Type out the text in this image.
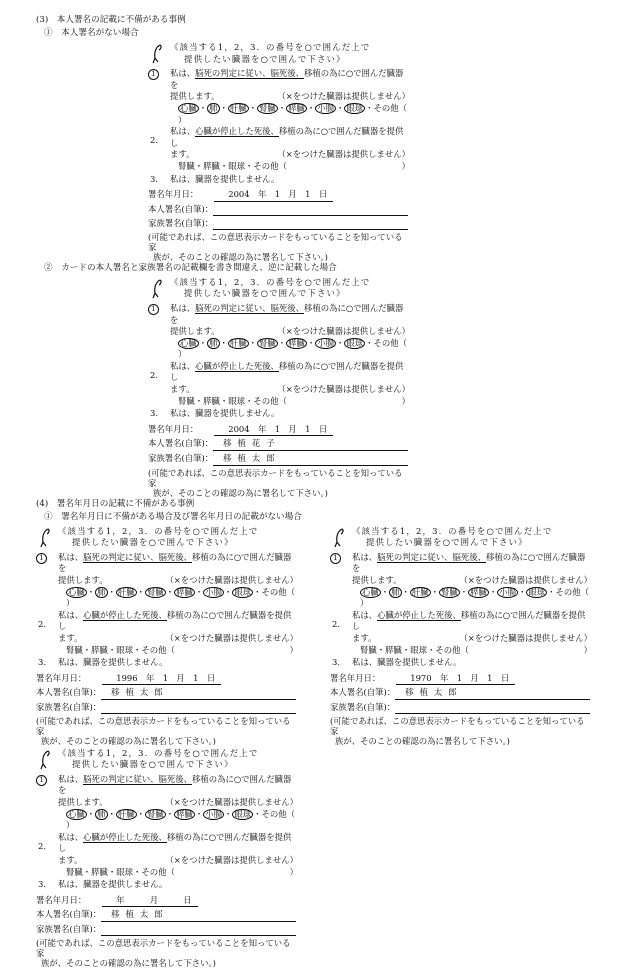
(3)　本人署名の記載に不備がある事例
①　本人署名がない場合
《該当する1，2，3．の番号を○で囲んだ上で
提供したい臓器を○で囲んで下さい》
1	私は、脳死の判定に従い、脳死後、移植の為に○で囲んだ臓器を
提供します。	（×をつけた臓器は提供しません）
心臓 ・ 肺 ・ 肝臓 ・ 腎臓 ・ 膵臓 ・ 小腸 ・ 眼球 ・その他（
）
2.
私は、心臓が停止した死後、移植の為に○で囲んだ臓器を提供し
ます。	（×をつけた臓器は提供しません）
腎臓・膵臓・眼球・その他（	）
3. 私は、臓器を提供しません。
署名年月日：	2004　年　1　月　1　日
本人署名(自筆)：
家族署名(自筆)：
(可能であれば、この意思表示カードをもっていることを知っている家
族が、そのことの確認の為に署名して下さい。)
②　カードの本人署名と家族署名の記載欄を書き間違え、逆に記載した場合
《該当する1，2，3．の番号を○で囲んだ上で
提供したい臓器を○で囲んで下さい》
1	私は、脳死の判定に従い、脳死後、移植の為に○で囲んだ臓器を
提供します。	（×をつけた臓器は提供しません）
心臓 ・ 肺 ・ 肝臓 ・ 腎臓 ・ 膵臓 ・ 小腸 ・ 眼球 ・その他（
）
2.
私は、心臓が停止した死後、移植の為に○で囲んだ臓器を提供し
ます。	（×をつけた臓器は提供しません）
腎臓・膵臓・眼球・その他（	）
3. 私は、臓器を提供しません。
署名年月日：	2004　年　1　月　1　日
本人署名(自筆)：	移植花子
家族署名(自筆)：	移植太郎
(可能であれば、この意思表示カードをもっていることを知っている家
族が、そのことの確認の為に署名して下さい。)
(4)　署名年月日の記載に不備がある事例
①　署名年月日に不備がある場合及び署名年月日の記載がない場合
《該当する1，2，3．の番号を○で囲んだ上で
提供したい臓器を○で囲んで下さい》
1	私は、脳死の判定に従い、脳死後、移植の為に○で囲んだ臓器を
提供します。	（×をつけた臓器は提供しません）
心臓 ・ 肺 ・ 肝臓 ・ 腎臓 ・ 膵臓 ・ 小腸 ・ 眼球 ・その他（
）
2.
私は、心臓が停止した死後、移植の為に○で囲んだ臓器を提供し
ます。	（×をつけた臓器は提供しません）
腎臓・膵臓・眼球・その他（	）
3. 私は、臓器を提供しません。
署名年月日：	1996　年　1　月　1　日
本人署名(自筆)：	移植太郎
家族署名(自筆)：
(可能であれば、この意思表示カードをもっていることを知っている家
族が、そのことの確認の為に署名して下さい。)
《該当する1，2，3．の番号を○で囲んだ上で
提供したい臓器を○で囲んで下さい》
1	私は、脳死の判定に従い、脳死後、移植の為に○で囲んだ臓器を
提供します。	（×をつけた臓器は提供しません）
心臓 ・ 肺 ・ 肝臓 ・ 腎臓 ・ 膵臓 ・ 小腸 ・ 眼球 ・その他（
）
2.
私は、心臓が停止した死後、移植の為に○で囲んだ臓器を提供し
ます。	（×をつけた臓器は提供しません）
腎臓・膵臓・眼球・その他（	）
3. 私は、臓器を提供しません。
署名年月日：	1970　年　1　月　1　日
本人署名(自筆)：	移植太郎
家族署名(自筆)：
(可能であれば、この意思表示カードをもっていることを知っている家
族が、そのことの確認の為に署名して下さい。)
《該当する1，2，3．の番号を○で囲んだ上で
提供したい臓器を○で囲んで下さい》
1	私は、脳死の判定に従い、脳死後、移植の為に○で囲んだ臓器を
提供します。	（×をつけた臓器は提供しません）
心臓 ・ 肺 ・ 肝臓 ・ 腎臓 ・ 膵臓 ・ 小腸 ・ 眼球 ・その他（
）
2.
私は、心臓が停止した死後、移植の為に○で囲んだ臓器を提供し
ます。	（×をつけた臓器は提供しません）
腎臓・膵臓・眼球・その他（	）
3. 私は、臓器を提供しません。
署名年月日：	年　　　月　　　日
本人署名(自筆)：	移植太郎
家族署名(自筆)：
(可能であれば、この意思表示カードをもっていることを知っている家
族が、そのことの確認の為に署名して下さい。)
